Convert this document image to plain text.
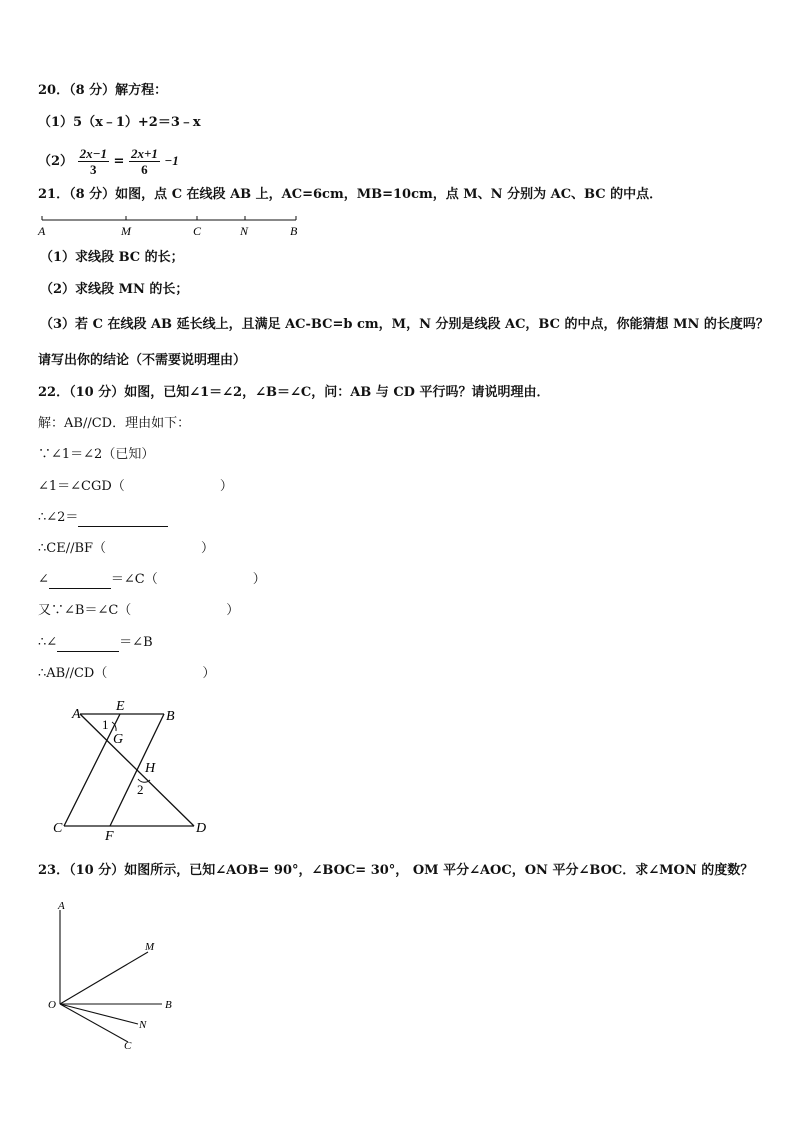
20．（8 分）解方程：
（1）5（x﹣1）+2＝3﹣x
$(2) \frac{2x-1}{3} = \frac{2x+1}{6} -1$
21．（8 分）如图，点 C 在线段 AB 上，AC=6cm，MB=10cm，点 M、N 分别为 AC、BC 的中点．
A	M	C	N	B
（1）求线段 BC 的长；
（2）求线段 MN 的长；
（3）若 C 在线段 AB 延长线上，且满足 AC-BC=b cm，M，N 分别是线段 AC，BC 的中点，你能猜想 MN 的长度吗？
请写出你的结论（不需要说明理由）
22．（10 分）如图，已知∠1＝∠2，∠B＝∠C，问：AB 与 CD 平行吗？请说明理由．
解：AB//CD．理由如下：
∵∠1＝∠2（已知）
∠1＝∠CGD（	）
∴∠2＝
∴CE//BF（	）
∠	＝∠C（	）
又∵∠B＝∠C（	）
∴∠	＝∠B
∴AB//CD（	）
A
E
B
G
1
H
2
C
F
D
23．（10 分）如图所示，已知∠AOB= 90°，∠BOC= 30°， OM 平分∠AOC，ON 平分∠BOC．求∠MON 的度数？
A
M
O	B
N
C
